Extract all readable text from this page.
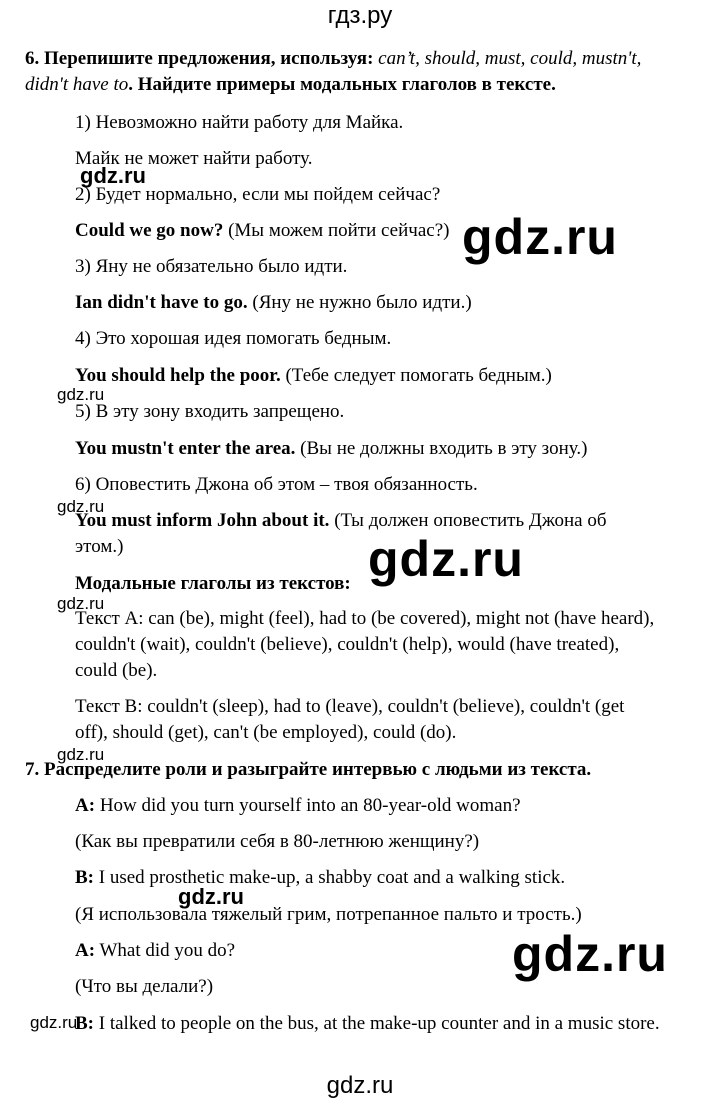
гдз.ру
6. Перепишите предложения, используя: can’t, should, must, could, mustn't,
didn't have to. Найдите примеры модальных глаголов в тексте.
1) Невозможно найти работу для Майка.
Майк не может найти работу.
2) Будет нормально, если мы пойдем сейчас?
Could we go now? (Мы можем пойти сейчас?)
3) Яну не обязательно было идти.
Ian didn't have to go. (Яну не нужно было идти.)
4) Это хорошая идея помогать бедным.
You should help the poor. (Тебе следует помогать бедным.)
5) В эту зону входить запрещено.
You mustn't enter the area. (Вы не должны входить в эту зону.)
6) Оповестить Джона об этом – твоя обязанность.
You must inform John about it. (Ты должен оповестить Джона об
этом.)
Модальные глаголы из текстов:
Текст A: can (be), might (feel), had to (be covered), might not (have heard),
couldn't (wait), couldn't (believe), couldn't (help), would (have treated),
could (be).
Текст B: couldn't (sleep), had to (leave), couldn't (believe), couldn't (get
off), should (get), can't (be employed), could (do).
7. Распределите роли и разыграйте интервью с людьми из текста.
A: How did you turn yourself into an 80-year-old woman?
(Как вы превратили себя в 80-летнюю женщину?)
B: I used prosthetic make-up, a shabby coat and a walking stick.
(Я использовала тяжелый грим, потрепанное пальто и трость.)
A: What did you do?
(Что вы делали?)
B: I talked to people on the bus, at the make-up counter and in a music store.
gdz.ru
gdz.ru
gdz.ru
gdz.ru
gdz.ru
gdz.ru
gdz.ru
gdz.ru
gdz.ru
gdz.ru
gdz.ru
